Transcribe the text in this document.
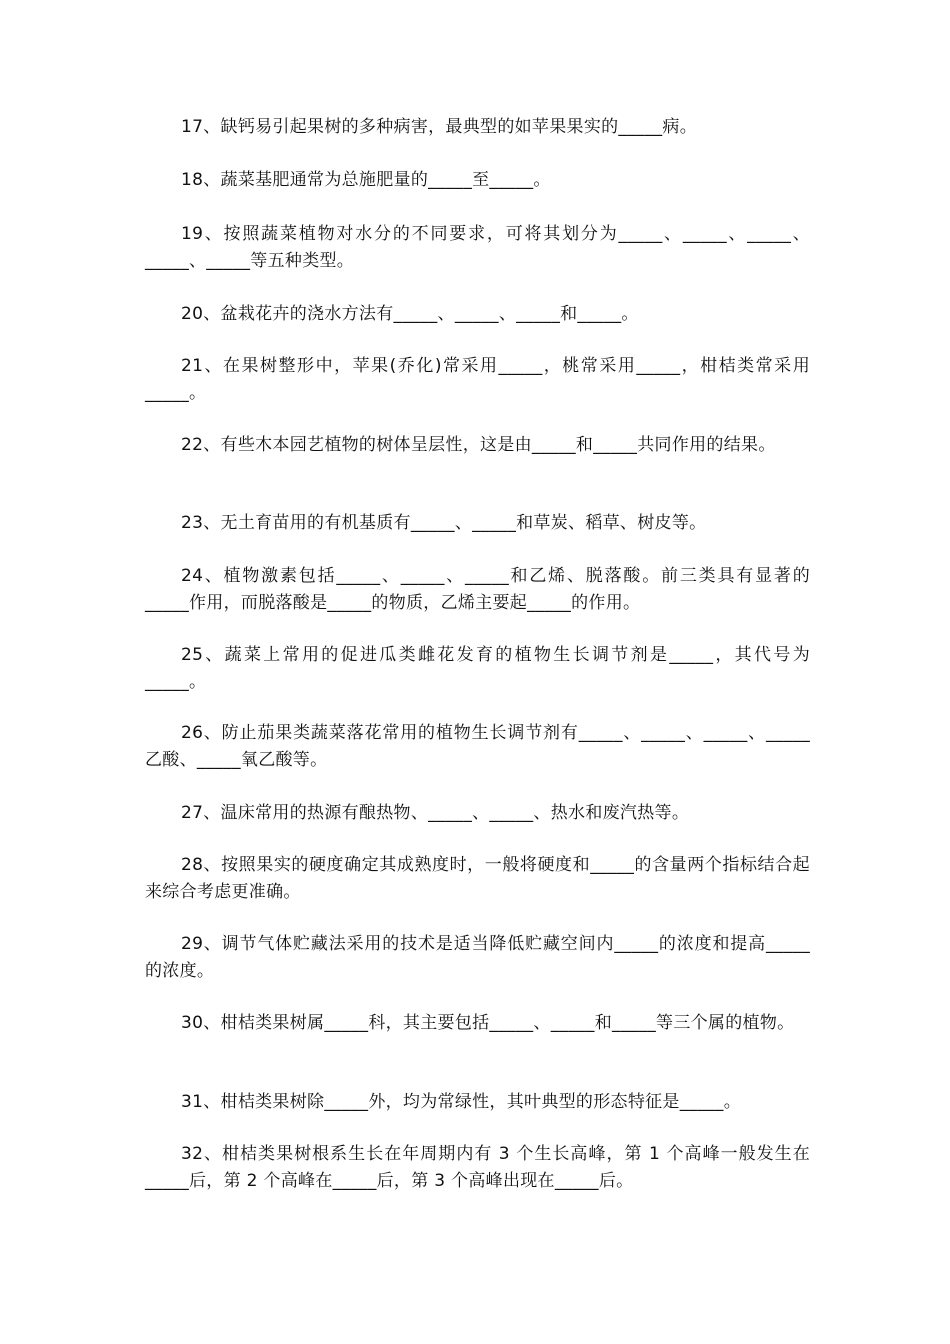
17、缺钙易引起果树的多种病害，最典型的如苹果果实的_____病。

18、蔬菜基肥通常为总施肥量的_____至_____。

19、按照蔬菜植物对水分的不同要求，可将其划分为_____、_____、_____、_____、_____等五种类型。

20、盆栽花卉的浇水方法有_____、_____、_____和_____。

21、在果树整形中，苹果(乔化)常采用_____，桃常采用_____，柑桔类常采用_____。

22、有些木本园艺植物的树体呈层性，这是由_____和_____共同作用的结果。

23、无土育苗用的有机基质有_____、_____和草炭、稻草、树皮等。

24、植物激素包括_____、_____、_____和乙烯、脱落酸。前三类具有显著的_____作用，而脱落酸是_____的物质，乙烯主要起_____的作用。

25、蔬菜上常用的促进瓜类雌花发育的植物生长调节剂是_____，其代号为_____。

26、防止茄果类蔬菜落花常用的植物生长调节剂有_____、_____、_____、_____乙酸、_____氧乙酸等。

27、温床常用的热源有酿热物、_____、_____、热水和废汽热等。

28、按照果实的硬度确定其成熟度时，一般将硬度和_____的含量两个指标结合起来综合考虑更准确。

29、调节气体贮藏法采用的技术是适当降低贮藏空间内_____的浓度和提高_____的浓度。

30、柑桔类果树属_____科，其主要包括_____、_____和_____等三个属的植物。

31、柑桔类果树除_____外，均为常绿性，其叶典型的形态特征是_____。

32、柑桔类果树根系生长在年周期内有 3 个生长高峰，第 1 个高峰一般发生在_____后，第 2 个高峰在_____后，第 3 个高峰出现在_____后。
